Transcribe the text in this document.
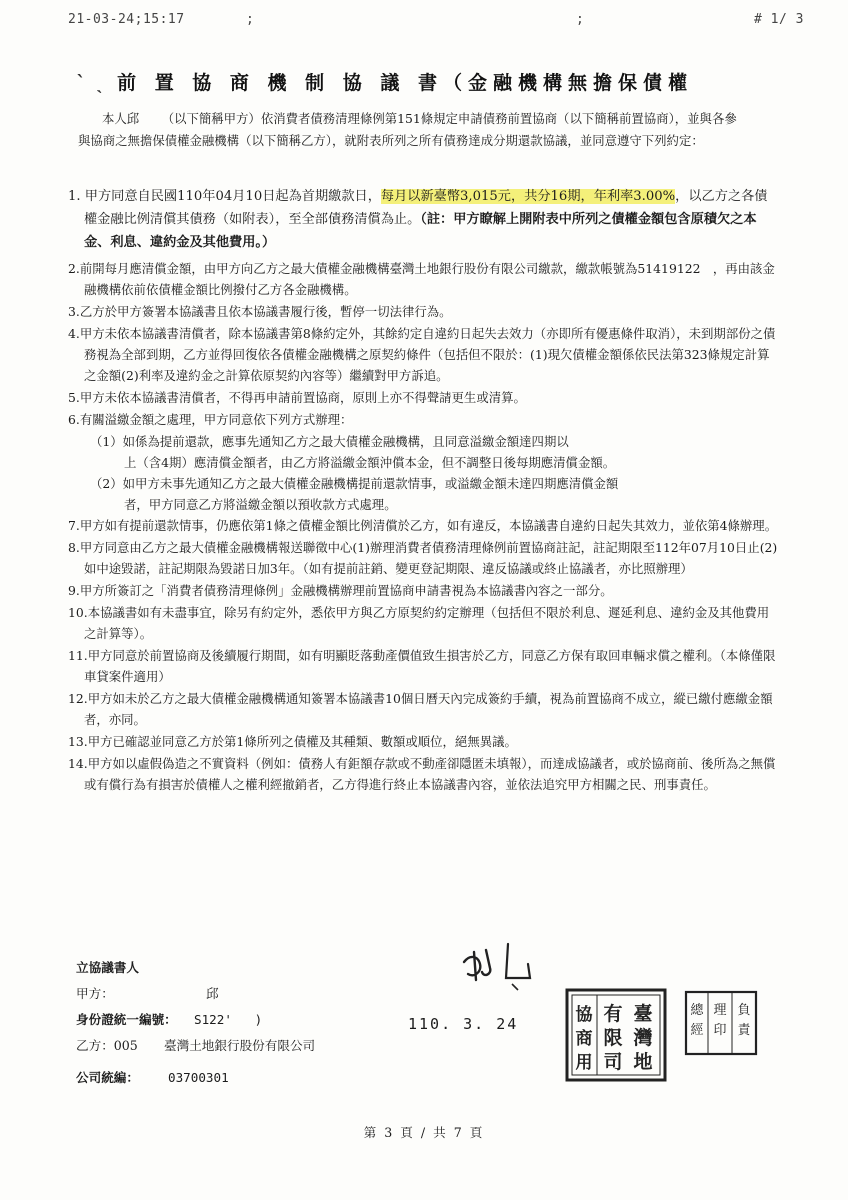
21-03-24;15:17	;	;	# 1/ 3
ˋ ˎ 前 置 協 商 機 制 協 議 書（金融機構無擔保債權
本人邱 　　（以下簡稱甲方）依消費者債務清理條例第151條規定申請債務前置協商（以下簡稱前置協商），並與各參與協商之無擔保債權金融機構（以下簡稱乙方），就附表所列之所有債務達成分期還款協議，並同意遵守下列約定：

1. 甲方同意自民國110年04月10日起為首期繳款日，每月以新臺幣3,015元，共分16期，年利率3.00%，以乙方之各債權金融比例清償其債務（如附表），至全部債務清償為止。（註：甲方瞭解上開附表中所列之債權金額包含原積欠之本金、利息、違約金及其他費用。）

2.前開每月應清償金額，由甲方向乙方之最大債權金融機構臺灣土地銀行股份有限公司繳款，繳款帳號為51419122 ，再由該金融機構依前依債權金額比例撥付乙方各金融機構。

3.乙方於甲方簽署本協議書且依本協議書履行後，暫停一切法律行為。

4.甲方未依本協議書清償者，除本協議書第8條約定外，其餘約定自違約日起失去效力（亦即所有優惠條件取消），未到期部份之債務視為全部到期，乙方並得回復依各債權金融機構之原契約條件（包括但不限於：(1)現欠債權金額係依民法第323條規定計算之金額(2)利率及違約金之計算依原契約內容等）繼續對甲方訴追。

5.甲方未依本協議書清償者，不得再申請前置協商，原則上亦不得聲請更生或清算。

6.有關溢繳金額之處理，甲方同意依下列方式辦理：

（1）如係為提前還款，應事先通知乙方之最大債權金融機構，且同意溢繳金額達四期以

上（含4期）應清償金額者，由乙方將溢繳金額沖償本金，但不調整日後每期應清償金額。

（2）如甲方未事先通知乙方之最大債權金融機構提前還款情事，或溢繳金額未達四期應清償金額

者，甲方同意乙方將溢繳金額以預收款方式處理。

7.甲方如有提前還款情事，仍應依第1條之債權金額比例清償於乙方，如有違反，本協議書自違約日起失其效力，並依第4條辦理。

8.甲方同意由乙方之最大債權金融機構報送聯徵中心(1)辦理消費者債務清理條例前置協商註記，註記期限至112年07月10日止(2)如中途毀諾，註記期限為毀諾日加3年。（如有提前註銷、變更登記期限、違反協議或終止協議者，亦比照辦理）

9.甲方所簽訂之「消費者債務清理條例」金融機構辦理前置協商申請書視為本協議書內容之一部分。

10.本協議書如有未盡事宜，除另有約定外，悉依甲方與乙方原契約約定辦理（包括但不限於利息、遲延利息、違約金及其他費用之計算等）。

11.甲方同意於前置協商及後續履行期間，如有明顯貶落動產價值致生損害於乙方，同意乙方保有取回車輛求償之權利。（本條僅限車貸案件適用）

12.甲方如未於乙方之最大債權金融機構通知簽署本協議書10個日曆天內完成簽約手續，視為前置協商不成立，縱已繳付應繳金額者，亦同。

13.甲方已確認並同意乙方於第1條所列之債權及其種類、數額或順位，絕無異議。

14.甲方如以虛假偽造之不實資料（例如：債務人有鉅額存款或不動產卻隱匿未填報），而達成協議者，或於協商前、後所為之無償或有償行為有損害於債權人之權利經撤銷者，乙方得進行終止本協議書內容，並依法追究甲方相關之民、刑事責任。

立協議書人
甲方：	邱
身份證統一編號： S122'   )
乙方：005 臺灣土地銀行股份有限公司
公司統編： 03700301
110. 3. 24	協
商
用
有
限
司
臺
灣
地
總
經
理
印
負
責
第 3 頁 / 共 7 頁
